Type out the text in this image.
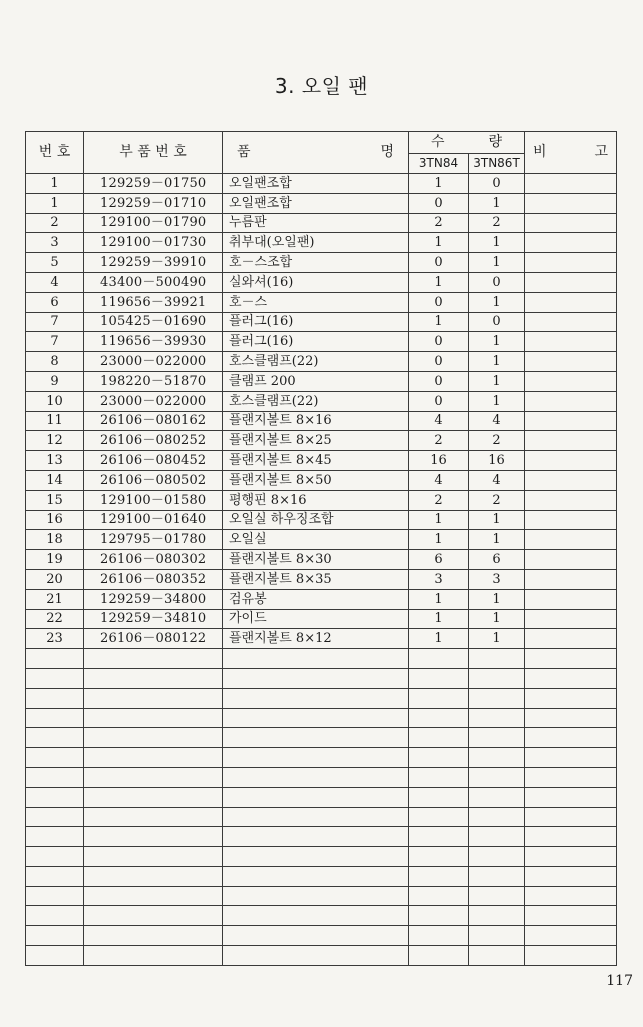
3. 오일 팬
번 호	부 품 번 호	품 명	수 량		비 고
			3TN84	3TN86T	
1	129259－01750	오일팬조합	1	0	
1	129259－01710	오일팬조합	0	1	
2	129100－01790	누름판	2	2	
3	129100－01730	취부대(오일팬)	1	1	
5	129259－39910	호－스조합	0	1	
4	43400－500490	실와셔(16)	1	0	
6	119656－39921	호－스	0	1	
7	105425－01690	플러그(16)	1	0	
7	119656－39930	플러그(16)	0	1	
8	23000－022000	호스클램프(22)	0	1	
9	198220－51870	클램프 200	0	1	
10	23000－022000	호스클램프(22)	0	1	
11	26106－080162	플랜지볼트 8×16	4	4	
12	26106－080252	플랜지볼트 8×25	2	2	
13	26106－080452	플랜지볼트 8×45	16	16	
14	26106－080502	플랜지볼트 8×50	4	4	
15	129100－01580	평행핀 8×16	2	2	
16	129100－01640	오일실 하우징조합	1	1	
18	129795－01780	오일실	1	1	
19	26106－080302	플랜지볼트 8×30	6	6	
20	26106－080352	플랜지볼트 8×35	3	3	
21	129259－34800	검유봉	1	1	
22	129259－34810	가이드	1	1	
23	26106－080122	플랜지볼트 8×12	1	1	

117
